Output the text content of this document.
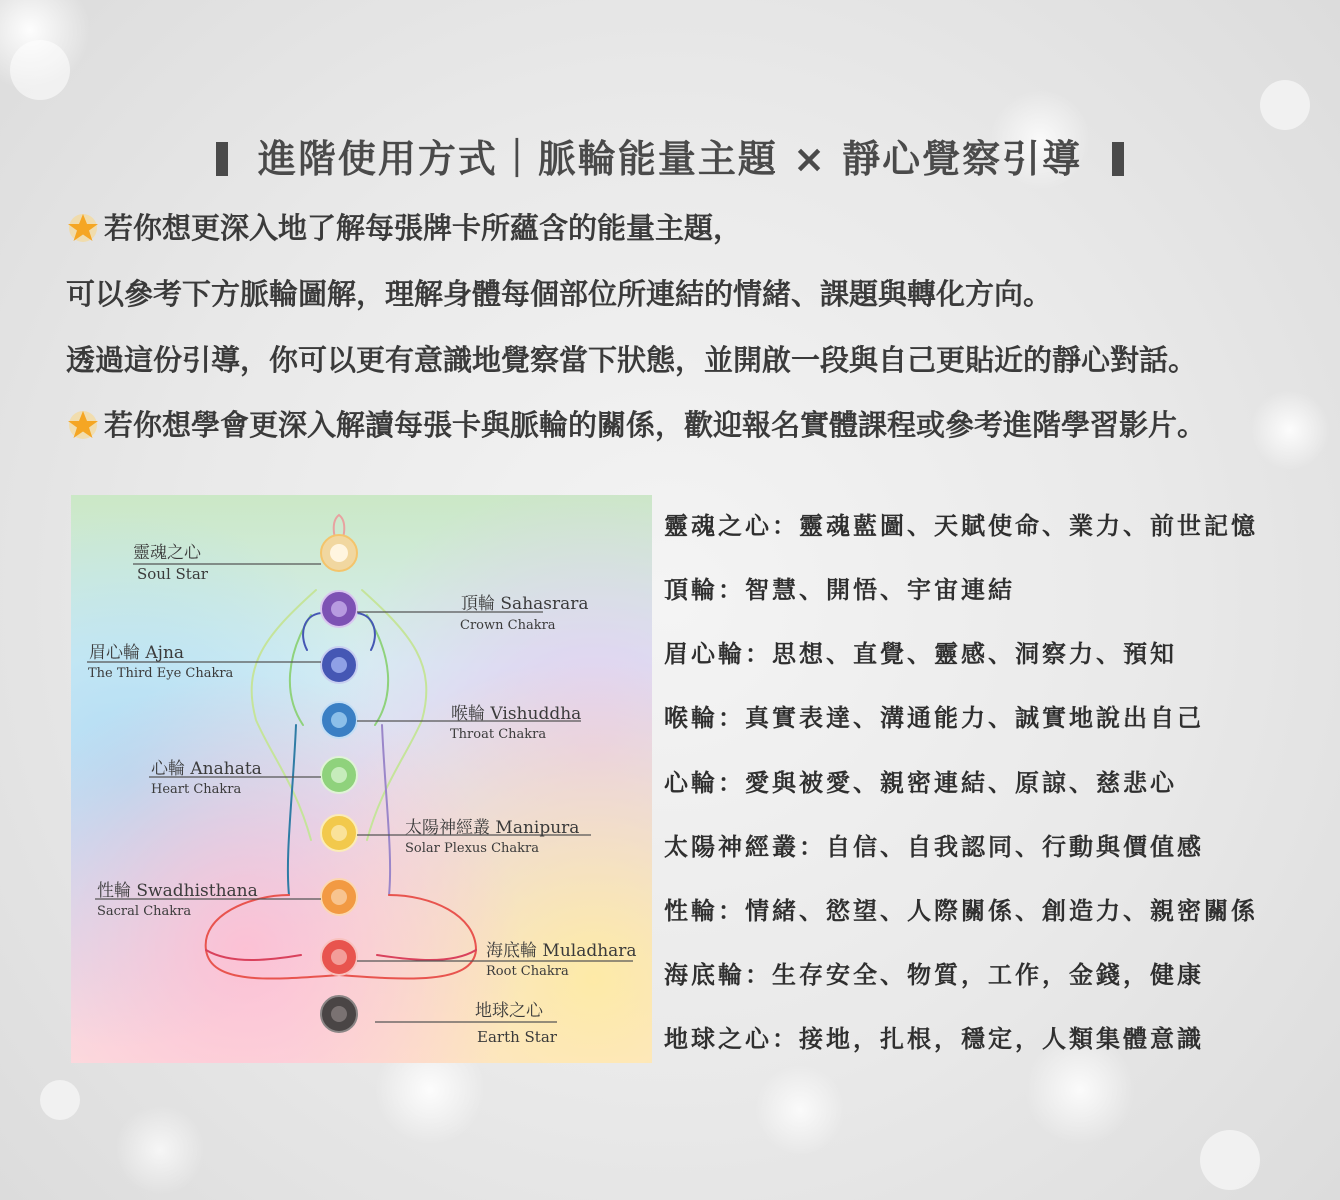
進階使用方式｜脈輪能量主題 × 靜心覺察引導
若你想更深入地了解每張牌卡所蘊含的能量主題，
可以參考下方脈輪圖解，理解身體每個部位所連結的情緒、課題與轉化方向。
透過這份引導，你可以更有意識地覺察當下狀態，並開啟一段與自己更貼近的靜心對話。
若你想學會更深入解讀每張卡與脈輪的關係，歡迎報名實體課程或參考進階學習影片。
靈魂之心
Soul Star
頂輪 Sahasrara
Crown Chakra
眉心輪 Ajna
The Third Eye Chakra
喉輪 Vishuddha
Throat Chakra
心輪 Anahata
Heart Chakra
太陽神經叢 Manipura
Solar Plexus Chakra
性輪 Swadhisthana
Sacral Chakra
海底輪 Muladhara
Root Chakra
地球之心
Earth Star
靈魂之心：靈魂藍圖、天賦使命、業力、前世記憶
頂輪：智慧、開悟、宇宙連結
眉心輪：思想、直覺、靈感、洞察力、預知
喉輪：真實表達、溝通能力、誠實地說出自己
心輪：愛與被愛、親密連結、原諒、慈悲心
太陽神經叢：自信、自我認同、行動與價值感
性輪：情緒、慾望、人際關係、創造力、親密關係
海底輪：生存安全、物質，工作，金錢，健康
地球之心：接地，扎根，穩定，人類集體意識
